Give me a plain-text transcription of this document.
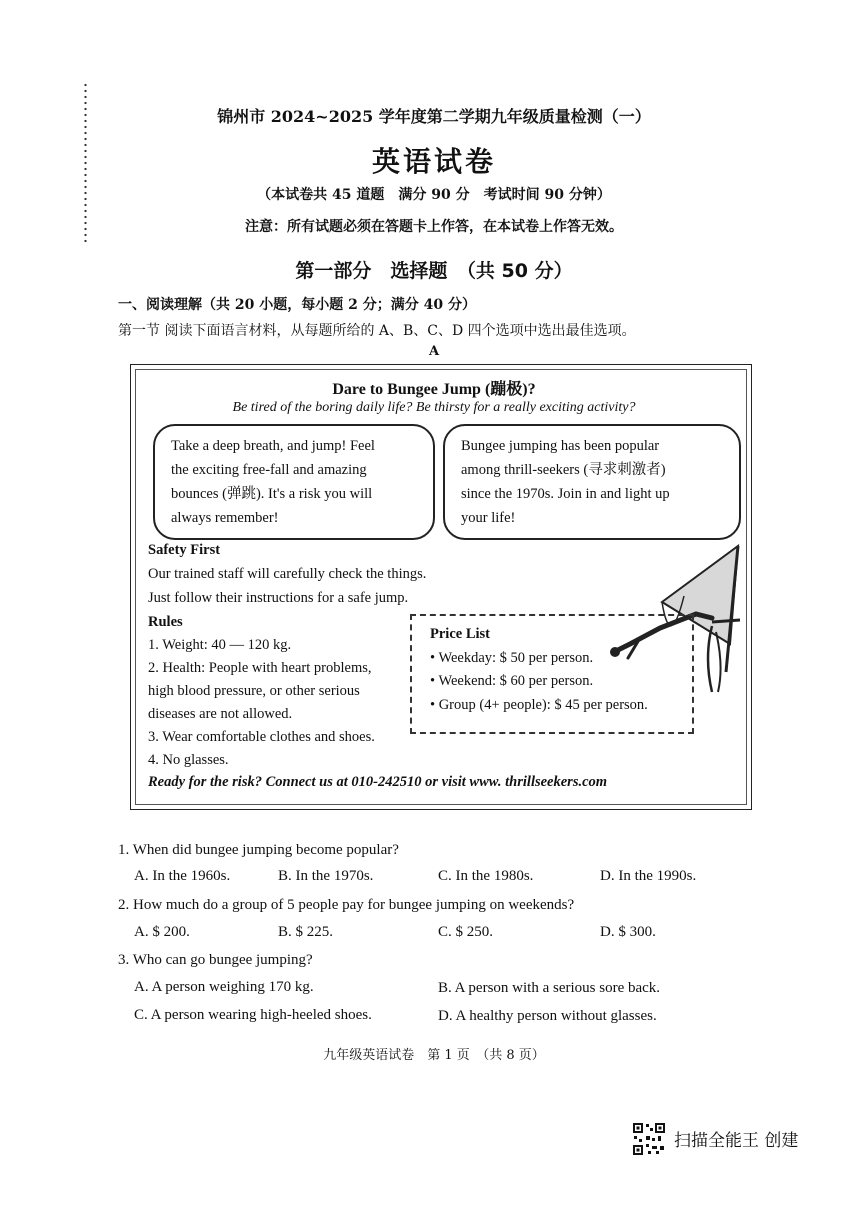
锦州市 2024~2025 学年度第二学期九年级质量检测（一）
英语试卷
（本试卷共 45 道题　满分 90 分　考试时间 90 分钟）
注意：所有试题必须在答题卡上作答，在本试卷上作答无效。
第一部分　选择题　（共 50 分）
一、阅读理解（共 20 小题，每小题 2 分；满分 40 分）
第一节 阅读下面语言材料，从每题所给的 A、B、C、D 四个选项中选出最佳选项。
A
Dare to Bungee Jump (蹦极)?
Be tired of the boring daily life? Be thirsty for a really exciting activity?
Take a deep breath, and jump! Feel
the exciting free-fall and amazing
bounces (弹跳). It's a risk you will
always remember!
Bungee jumping has been popular
among thrill-seekers (寻求刺激者)
since the 1970s. Join in and light up
your life!
Safety First
Our trained staff will carefully check the things.
Just follow their instructions for a safe jump.
Rules
1. Weight: 40 — 120 kg.
2. Health: People with heart problems,
high blood pressure, or other serious
diseases are not allowed.
3. Wear comfortable clothes and shoes.
4. No glasses.
Price List
• Weekday: $ 50 per person.
• Weekend: $ 60 per person.
• Group (4+ people): $ 45 per person.
Ready for the risk? Connect us at 010-242510 or visit www. thrillseekers.com
1. When did bungee jumping become popular?
A. In the 1960s.	B. In the 1970s.	C. In the 1980s.	D. In the 1990s.
2. How much do a group of 5 people pay for bungee jumping on weekends?
A. $ 200.	B. $ 225.	C. $ 250.	D. $ 300.
3. Who can go bungee jumping?
A. A person weighing 170 kg.	B. A person with a serious sore back.
C. A person wearing high-heeled shoes.	D. A healthy person without glasses.
九年级英语试卷　第 1 页　（共 8 页）
扫描全能王 创建
